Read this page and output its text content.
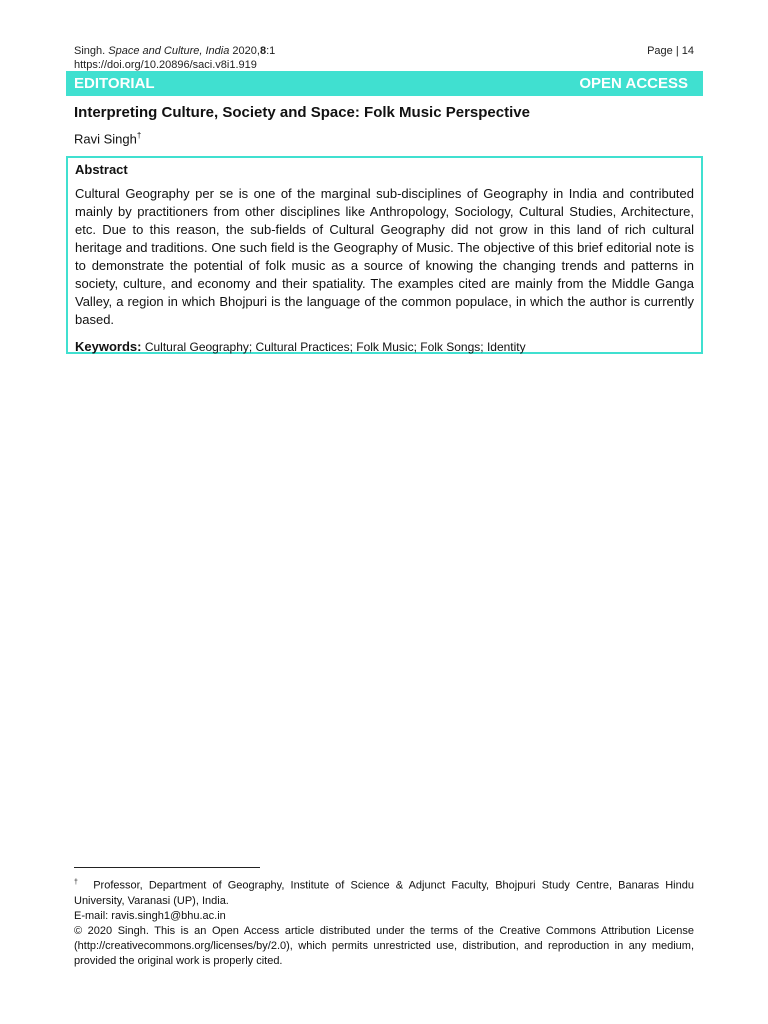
Singh. Space and Culture, India 2020,8:1
https://doi.org/10.20896/saci.v8i1.919
Page | 14
EDITORIAL	OPEN ACCESS
Interpreting Culture, Society and Space: Folk Music Perspective
Ravi Singh†
Abstract

Cultural Geography per se is one of the marginal sub-disciplines of Geography in India and contributed mainly by practitioners from other disciplines like Anthropology, Sociology, Cultural Studies, Architecture, etc. Due to this reason, the sub-fields of Cultural Geography did not grow in this land of rich cultural heritage and traditions. One such field is the Geography of Music. The objective of this brief editorial note is to demonstrate the potential of folk music as a source of knowing the changing trends and patterns in society, culture, and economy and their spatiality. The examples cited are mainly from the Middle Ganga Valley, a region in which Bhojpuri is the language of the common populace, in which the author is currently based.

Keywords: Cultural Geography; Cultural Practices; Folk Music; Folk Songs; Identity
† Professor, Department of Geography, Institute of Science & Adjunct Faculty, Bhojpuri Study Centre, Banaras Hindu University, Varanasi (UP), India.
E-mail: ravis.singh1@bhu.ac.in
© 2020 Singh. This is an Open Access article distributed under the terms of the Creative Commons Attribution License (http://creativecommons.org/licenses/by/2.0), which permits unrestricted use, distribution, and reproduction in any medium, provided the original work is properly cited.
